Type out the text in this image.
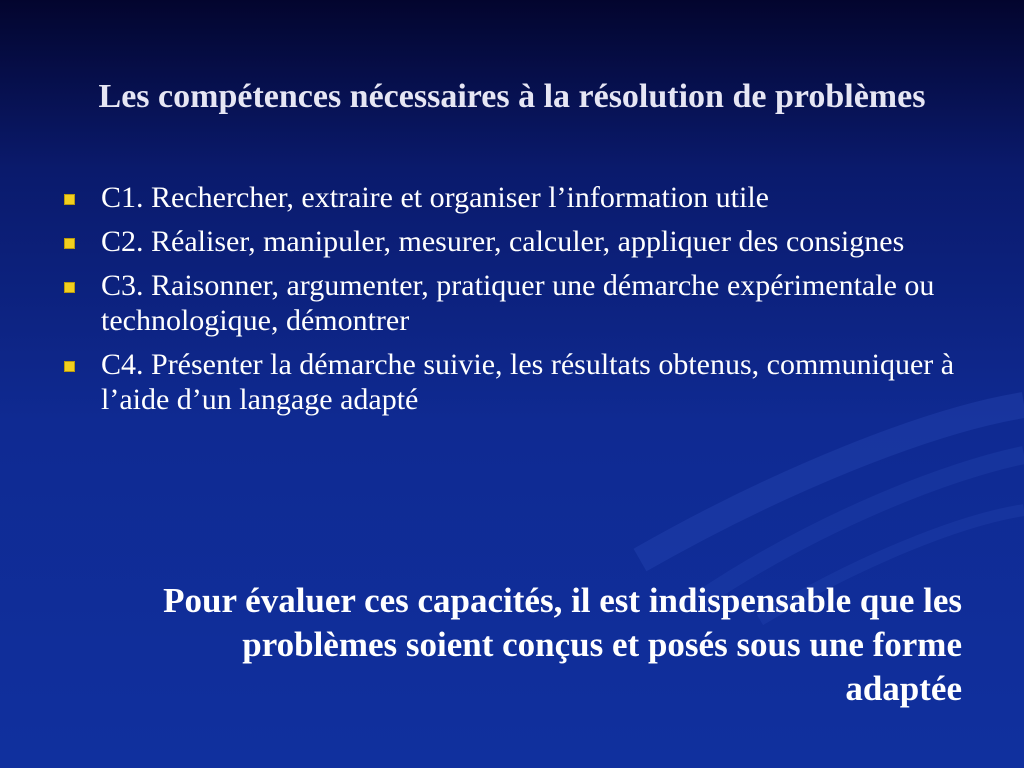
Les compétences nécessaires à la résolution de problèmes
C1. Rechercher, extraire et organiser l’information utile
C2. Réaliser, manipuler, mesurer, calculer, appliquer des consignes
C3. Raisonner, argumenter, pratiquer une démarche expérimentale ou technologique, démontrer
C4. Présenter la démarche suivie, les résultats obtenus, communiquer à l’aide d’un langage adapté

Pour évaluer ces capacités, il est indispensable que les problèmes soient conçus et posés sous une forme adaptée
